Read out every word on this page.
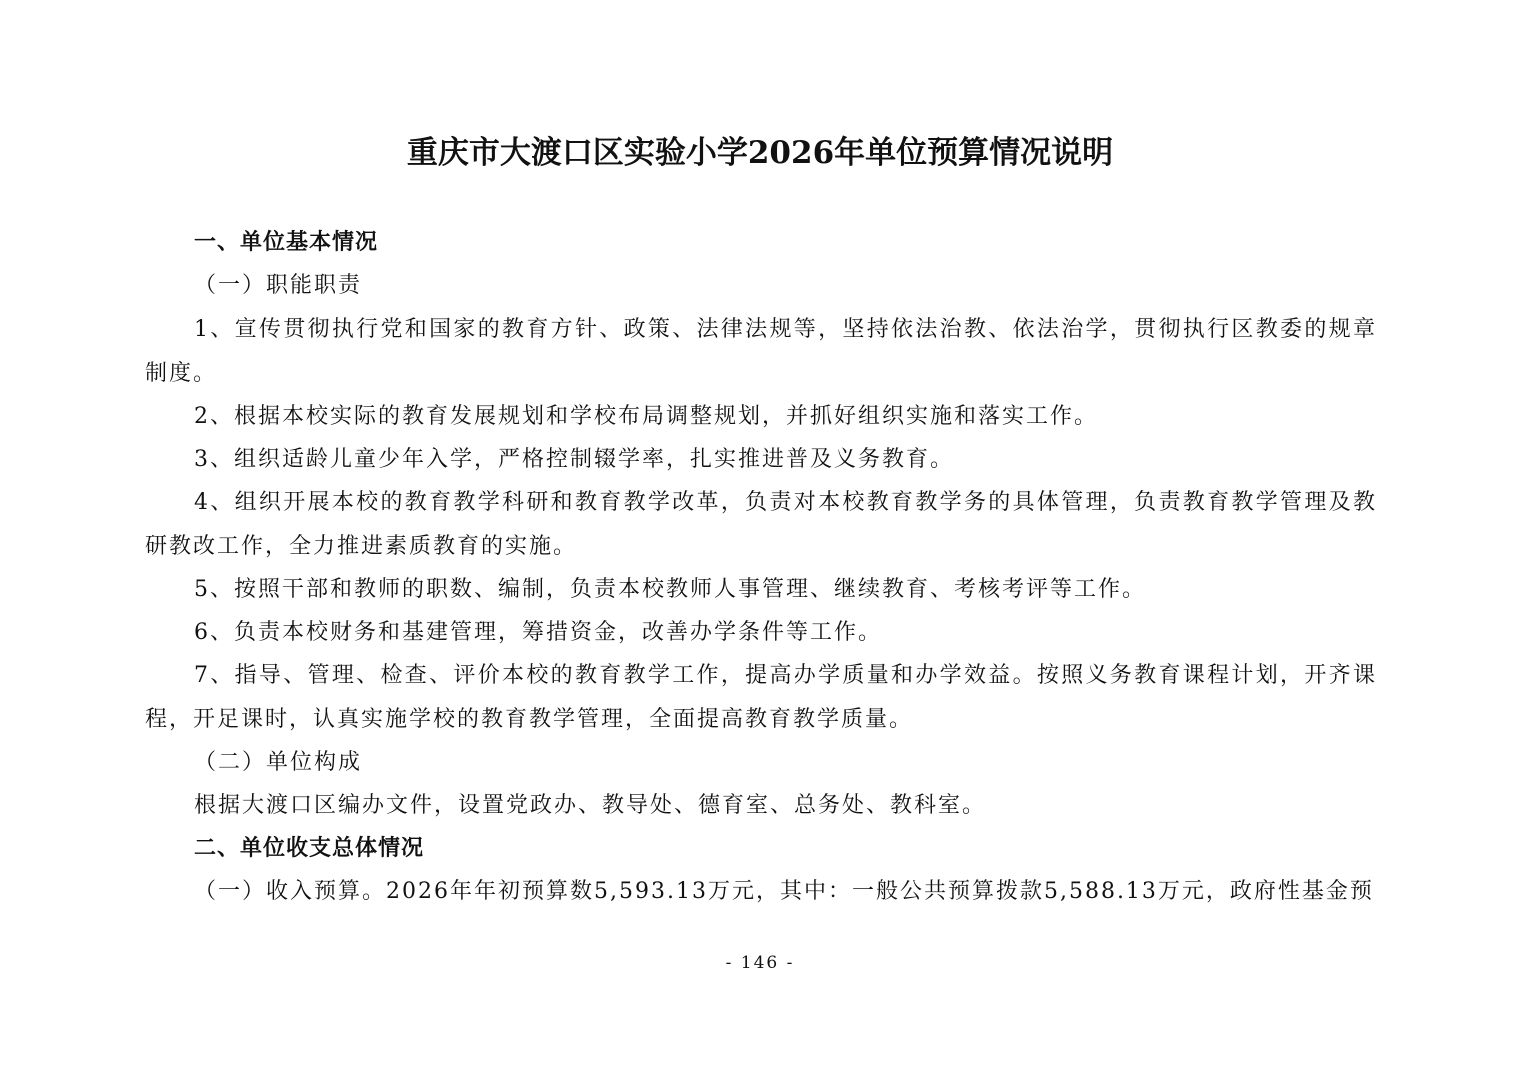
重庆市大渡口区实验小学2026年单位预算情况说明

一、单位基本情况

（一）职能职责

1、宣传贯彻执行党和国家的教育方针、政策、法律法规等，坚持依法治教、依法治学，贯彻执行区教委的规章制度。

2、根据本校实际的教育发展规划和学校布局调整规划，并抓好组织实施和落实工作。

3、组织适龄儿童少年入学，严格控制辍学率，扎实推进普及义务教育。

4、组织开展本校的教育教学科研和教育教学改革，负责对本校教育教学务的具体管理，负责教育教学管理及教研教改工作，全力推进素质教育的实施。

5、按照干部和教师的职数、编制，负责本校教师人事管理、继续教育、考核考评等工作。

6、负责本校财务和基建管理，筹措资金，改善办学条件等工作。

7、指导、管理、检查、评价本校的教育教学工作，提高办学质量和办学效益。按照义务教育课程计划，开齐课程，开足课时，认真实施学校的教育教学管理，全面提高教育教学质量。

（二）单位构成

根据大渡口区编办文件，设置党政办、教导处、德育室、总务处、教科室。

二、单位收支总体情况

（一）收入预算。2026年年初预算数5,593.13万元，其中：一般公共预算拨款5,588.13万元，政府性基金预

- 146 -
